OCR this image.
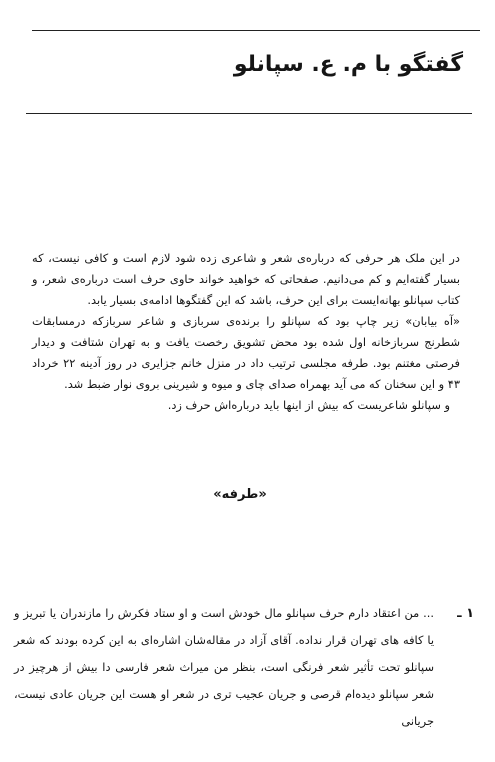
گفتگو با م. ع. سپانلو

در این ملک هر حرفی که درباره‌ی شعر و شاعری زده شود لازم است و کافی نیست، که بسیار گفته‌ایم و کم می‌دانیم. صفحاتی که خواهید خواند حاوی حرف است درباره‌ی شعر، و کتاب سپانلو بهانه‌ایست برای این حرف، باشد که این گفتگوها ادامه‌ی بسیار یابد.

«آه بیابان» زیر چاپ بود که سپانلو را برنده‌ی سربازی و شاعر سربازکه درمسابقات شطرنج سربازخانه اول شده بود محض تشویق رخصت یافت و به تهران شتافت و دیدار فرصتی مغتنم بود. طرفه مجلسی ترتیب داد در منزل خانم جزایری در روز آدینه ۲۲ خرداد ۴۳ و این سخنان که می آید بهمراه صدای چای و میوه و شیرینی بروی نوار ضبط شد.

و سپانلو شاعریست که بیش از اینها باید درباره‌اش حرف زد.

«طرفه»
۱ ـ

... من اعتقاد دارم حرف سپانلو مال خودش است و او ستاد فکرش را مازندران یا تبریز و یا کافه های تهران قرار نداده. آقای آزاد در مقاله‌شان اشاره‌ای به این کرده بودند که شعر سپانلو تحت تأثیر شعر فرنگی است، بنظر من میراث شعر فارسی دا بیش از هرچیز در شعر سپانلو دیده‌ام قرصی و جریان عجیب تری در شعر او هست این جریان عادی نیست، جریانی
